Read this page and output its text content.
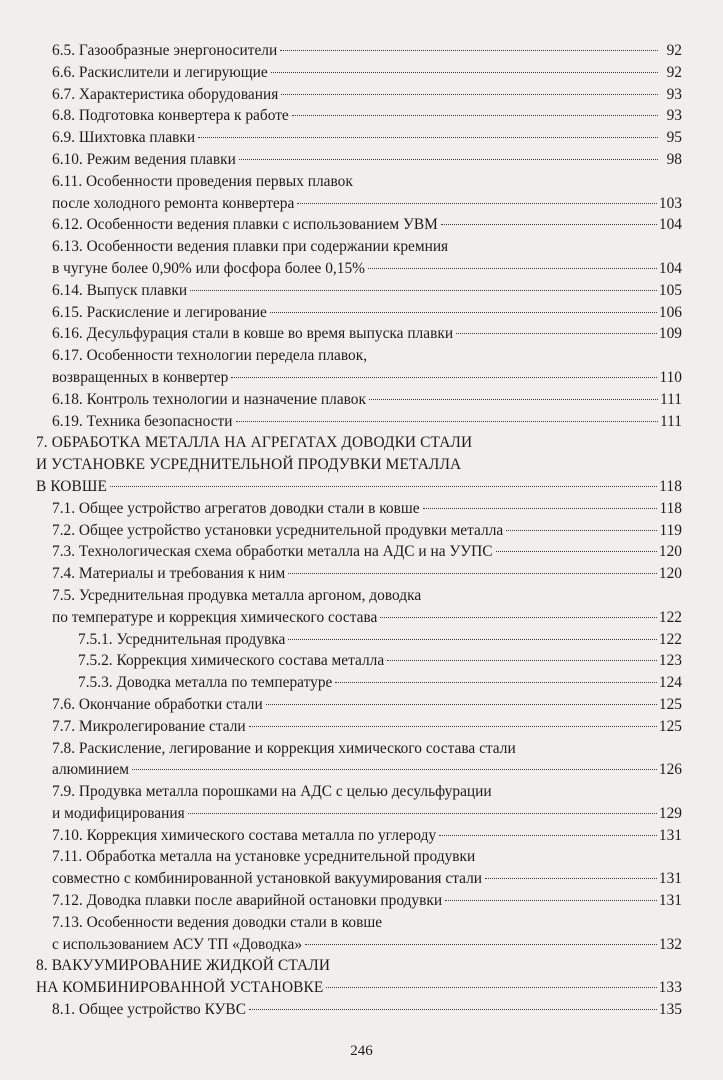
6.5. Газообразные энергоносители	92
6.6. Раскислители и легирующие	92
6.7. Характеристика оборудования	93
6.8. Подготовка конвертера к работе	93
6.9. Шихтовка плавки	95
6.10. Режим ведения плавки	98
6.11. Особенности проведения первых плавок
после холодного ремонта конвертера	103
6.12. Особенности ведения плавки с использованием УВМ	104
6.13. Особенности ведения плавки при содержании кремния
в чугуне более 0,90% или фосфора более 0,15%	104
6.14. Выпуск плавки	105
6.15. Раскисление и легирование	106
6.16. Десульфурация стали в ковше во время выпуска плавки	109
6.17. Особенности технологии передела плавок,
возвращенных в конвертер	110
6.18. Контроль технологии и назначение плавок	111
6.19. Техника безопасности	111
7. ОБРАБОТКА МЕТАЛЛА НА АГРЕГАТАХ ДОВОДКИ СТАЛИ
И УСТАНОВКЕ УСРЕДНИТЕЛЬНОЙ ПРОДУВКИ МЕТАЛЛА
В КОВШЕ	118
7.1. Общее устройство агрегатов доводки стали в ковше	118
7.2. Общее устройство установки усреднительной продувки металла	119
7.3. Технологическая схема обработки металла на АДС и на УУПС	120
7.4. Материалы и требования к ним	120
7.5. Усреднительная продувка металла аргоном, доводка
по температуре и коррекция химического состава	122
7.5.1. Усреднительная продувка	122
7.5.2. Коррекция химического состава металла	123
7.5.3. Доводка металла по температуре	124
7.6. Окончание обработки стали	125
7.7. Микролегирование стали	125
7.8. Раскисление, легирование и коррекция химического состава стали
алюминием	126
7.9. Продувка металла порошками на АДС с целью десульфурации
и модифицирования	129
7.10. Коррекция химического состава металла по углероду	131
7.11. Обработка металла на установке усреднительной продувки
совместно с комбинированной установкой вакуумирования стали	131
7.12. Доводка плавки после аварийной остановки продувки	131
7.13. Особенности ведения доводки стали в ковше
с использованием АСУ ТП «Доводка»	132
8. ВАКУУМИРОВАНИЕ ЖИДКОЙ СТАЛИ
НА КОМБИНИРОВАННОЙ УСТАНОВКЕ	133
8.1. Общее устройство КУВС	135
246
